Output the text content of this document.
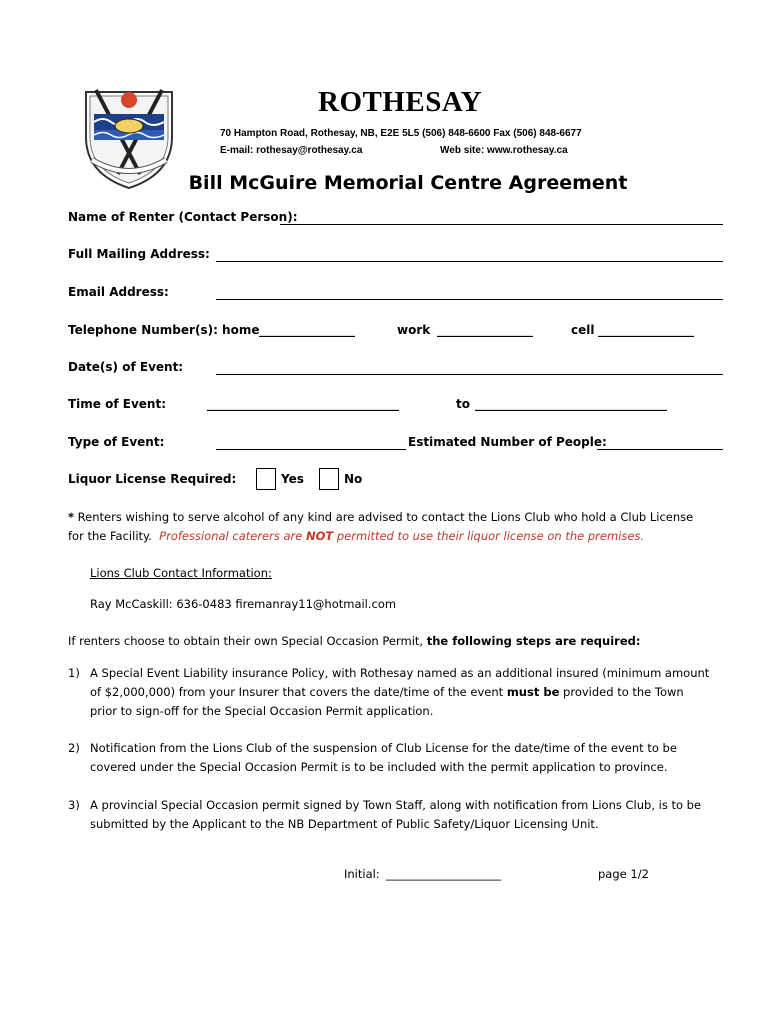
ROTHESAY
70 Hampton Road, Rothesay, NB, E2E 5L5 (506) 848-6600 Fax (506) 848-6677
E-mail: rothesay@rothesay.ca	Web site: www.rothesay.ca
Bill McGuire Memorial Centre Agreement
Name of Renter (Contact Person):
Full Mailing Address:
Email Address:
Telephone Number(s): home ________________	work ________________	cell ________________
Date(s) of Event:
Time of Event:	________________________________	to ________________________________
Type of Event:	Estimated Number of People:
Liquor License Required:	Yes	No
* Renters wishing to serve alcohol of any kind are advised to contact the Lions Club who hold a Club License
for the Facility. Professional caterers are NOT permitted to use their liquor license on the premises.
Lions Club Contact Information:
Ray McCaskill: 636-0483 firemanray11@hotmail.com
If renters choose to obtain their own Special Occasion Permit, the following steps are required:
1) A Special Event Liability insurance Policy, with Rothesay named as an additional insured (minimum amount
of $2,000,000) from your Insurer that covers the date/time of the event must be provided to the Town
prior to sign-off for the Special Occasion Permit application.
2) Notification from the Lions Club of the suspension of Club License for the date/time of the event to be
covered under the Special Occasion Permit is to be included with the permit application to province.
3) A provincial Special Occasion permit signed by Town Staff, along with notification from Lions Club, is to be
submitted by the Applicant to the NB Department of Public Safety/Liquor Licensing Unit.
Initial: ____________________	page 1/2
